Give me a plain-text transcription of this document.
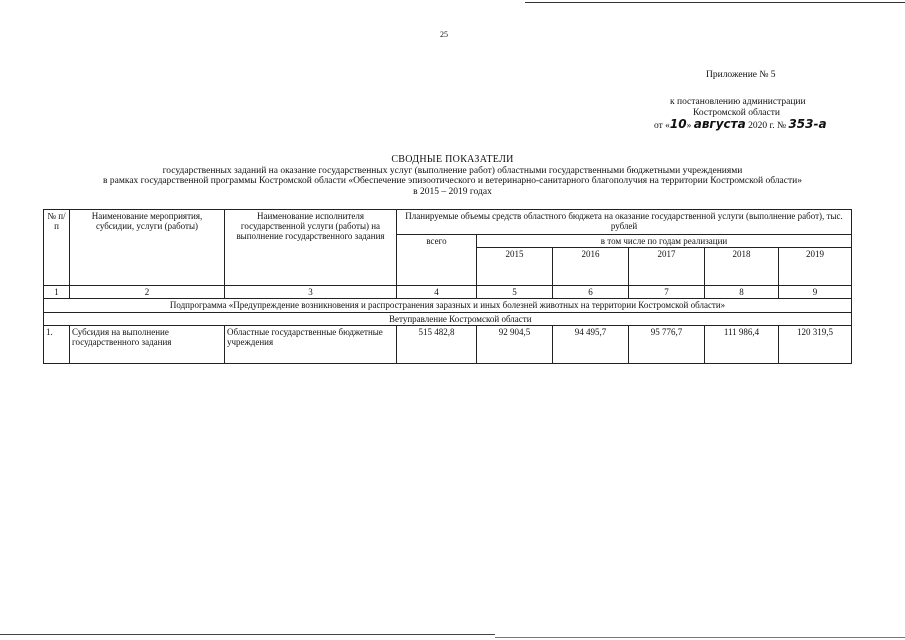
25
Приложение № 5
к постановлению администрации
Костромской области
от «10» августа 2020 г. № 353-а
СВОДНЫЕ ПОКАЗАТЕЛИ
государственных заданий на оказание государственных услуг (выполнение работ) областными государственными бюджетными учреждениями
в рамках государственной программы Костромской области «Обеспечение эпизоотического и ветеринарно-санитарного благополучия на территории Костромской области»
в 2015 – 2019 годах
№ п/п	Наименование мероприятия, субсидии, услуги (работы)	Наименование исполнителя государственной услуги (работы) на выполнение государственного задания	Планируемые объемы средств областного бюджета на оказание государственной услуги (выполнение работ), тыс. рублей					
			всего	в том числе по годам реализации				
				2015	2016	2017	2018	2019
1	2	3	4	5	6	7	8	9
Подпрограмма «Предупреждение возникновения и распространения заразных и иных болезней животных на территории Костромской области»								
	Ветуправление Костромской области							
1.	Субсидия на выполнение государственного задания	Областные государственные бюджетные учреждения	515 482,8	92 904,5	94 495,7	95 776,7	111 986,4	120 319,5
